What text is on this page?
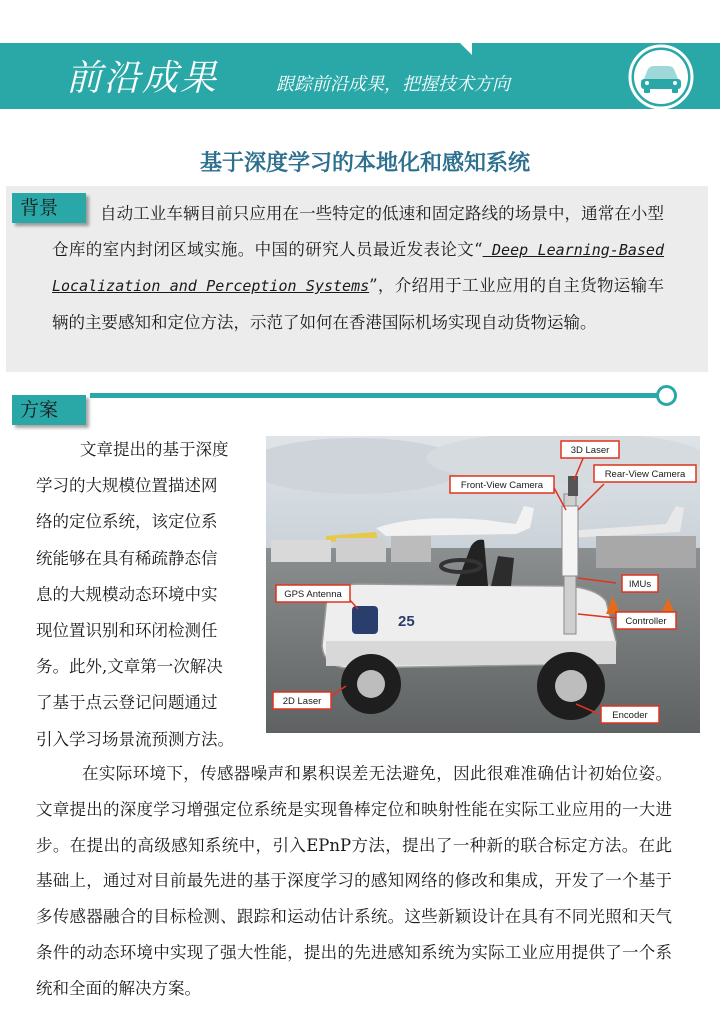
前沿成果	跟踪前沿成果，把握技术方向
基于深度学习的本地化和感知系统
背景	自动工业车辆目前只应用在一些特定的低速和固定路线的场景中，通常在小型仓库的室内封闭区域实施。中国的研究人员最近发表论文“ Deep Learning-Based Localization and Perception Systems”，介绍用于工业应用的自主货物运输车辆的主要感知和定位方法，示范了如何在香港国际机场实现自动货物运输。
方案
文章提出的基于深度
学习的大规模位置描述网
络的定位系统，该定位系
统能够在具有稀疏静态信
息的大规模动态环境中实
现位置识别和环闭检测任
务。此外,文章第一次解决
了基于点云登记问题通过
引入学习场景流预测方法。
25
3D Laser
Front-View Camera
Rear-View Camera
GPS Antenna
IMUs
Controller
2D Laser
Encoder
在实际环境下，传感器噪声和累积误差无法避免，因此很难准确估计初始位姿。文章提出的深度学习增强定位系统是实现鲁棒定位和映射性能在实际工业应用的一大进步。在提出的高级感知系统中，引入EPnP方法，提出了一种新的联合标定方法。在此基础上，通过对目前最先进的基于深度学习的感知网络的修改和集成，开发了一个基于多传感器融合的目标检测、跟踪和运动估计系统。这些新颖设计在具有不同光照和天气条件的动态环境中实现了强大性能，提出的先进感知系统为实际工业应用提供了一个系统和全面的解决方案。
